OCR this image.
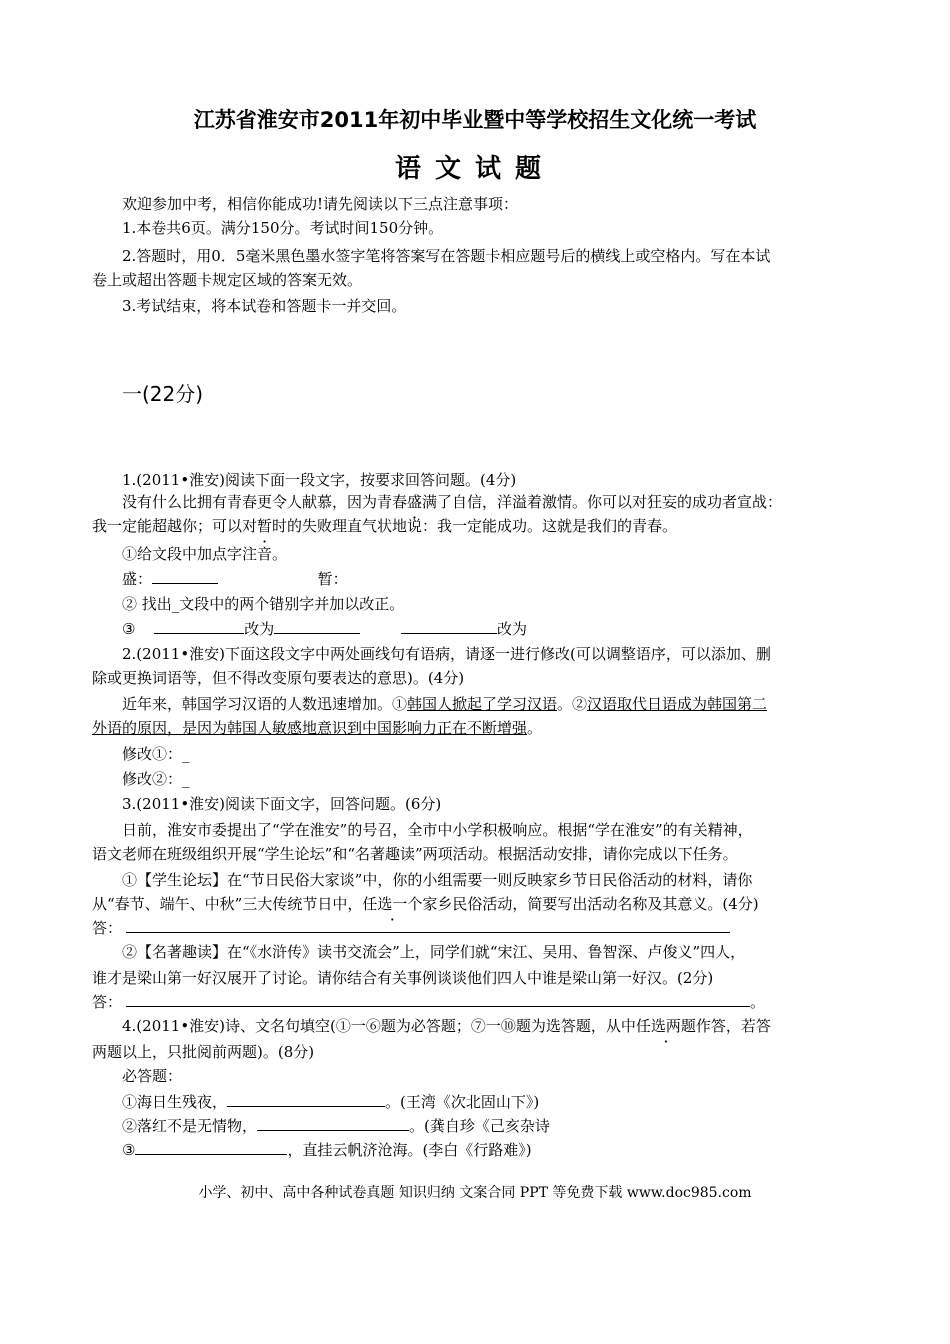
江苏省淮安市2011年初中毕业暨中等学校招生文化统一考试
语文试题
欢迎参加中考，相信你能成功!请先阅读以下三点注意事项：
1.本卷共6页。满分150分。考试时间150分钟。
2.答题时，用0．5毫米黑色墨水签字笔将答案写在答题卡相应题号后的横线上或空格内。写在本试
卷上或超出答题卡规定区域的答案无效。
3.考试结束，将本试卷和答题卡一并交回。
一(22分)
1.(2011•淮安)阅读下面一段文字，按要求回答问题。(4分)
没有什么比拥有青春更令人献慕，因为青春盛满了自信，洋溢着激情。你可以对狂妄的成功者宣战：
我一定能超越你；可以对暂时的失败理直气状地说：我一定能成功。这就是我们的青春。
①给文段中加点字注音。
盛：	暂：
② 找出_文段中的两个错别字并加以改正。
③	改为	改为
2.(2011•淮安)下面这段文字中两处画线句有语病，请逐一进行修改(可以调整语序，可以添加、删
除或更换词语等，但不得改变原句要表达的意思)。(4分)
近年来，韩国学习汉语的人数迅速增加。①韩国人掀起了学习汉语。②汉语取代日语成为韩国第二
外语的原因，是因为韩国人敏感地意识到中国影响力正在不断增强。
修改①：_
修改②：_
3.(2011•淮安)阅读下面文字，回答问题。(6分)
日前，淮安市委提出了“学在淮安”的号召，全市中小学积极响应。根据“学在淮安”的有关精神，
语文老师在班级组织开展“学生论坛”和“名著趣读”两项活动。根据活动安排，请你完成以下任务。
①【学生论坛】在“节日民俗大家谈”中，你的小组需要一则反映家乡节日民俗活动的材料，请你
从“春节、端午、中秋”三大传统节日中，任选一个家乡民俗活动，简要写出活动名称及其意义。(4分)
答：
②【名著趣读】在“《水浒传》读书交流会”上，同学们就“宋江、吴用、鲁智深、卢俊义”四人，
谁才是梁山第一好汉展开了讨论。请你结合有关事例谈谈他们四人中谁是梁山第一好汉。(2分)
答：	。
4.(2011•淮安)诗、文名句填空(①一⑥题为必答题；⑦一⑩题为选答题，从中任选两题作答，若答
两题以上，只批阅前两题)。(8分)
必答题：
①海日生残夜，	。(王湾《次北固山下》)
②落红不是无情物，	。(龚自珍《己亥杂诗
③	，直挂云帆济沧海。(李白《行路难》)
小学、初中、高中各种试卷真题 知识归纳 文案合同 PPT 等免费下载 www.doc985.com
